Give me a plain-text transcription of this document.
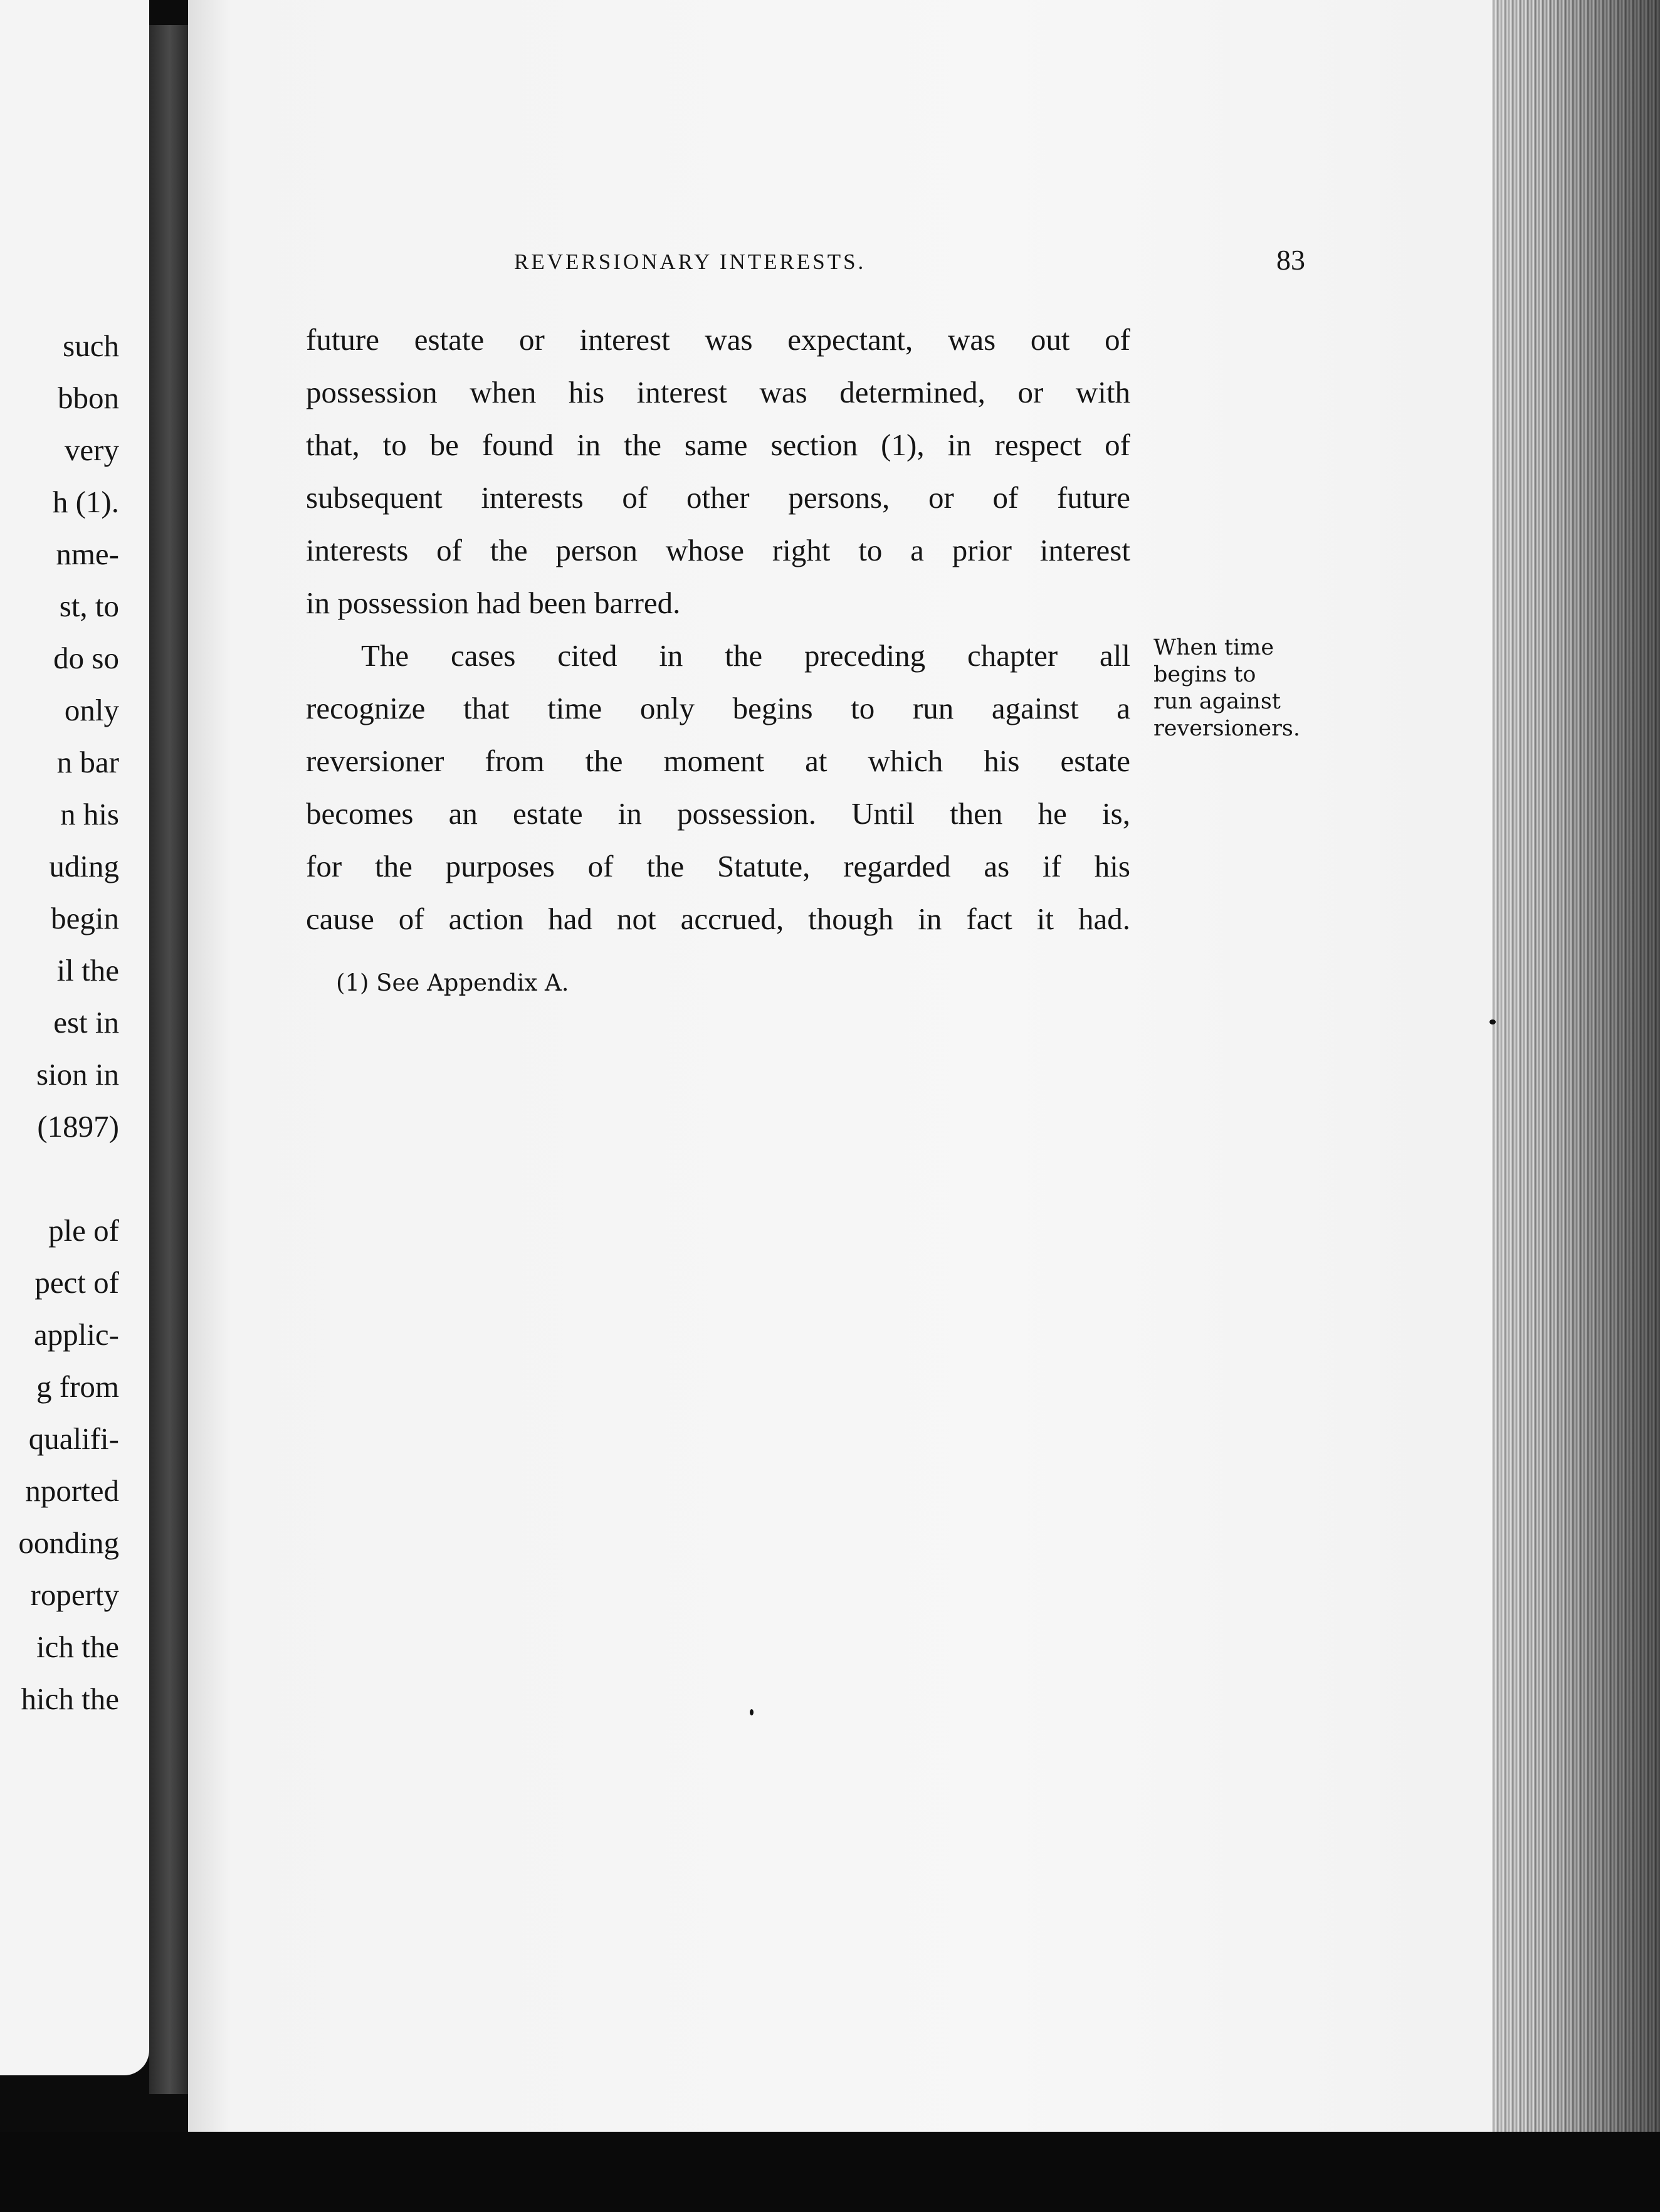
such
bbon
very
h (1).
nme-
st, to
do so
only
n bar
n his
uding
begin
il the
est in
sion in
(1897)
ple of
pect of
applic-
g from
qualifi-
nported
oonding
roperty
ich the
hich the
REVERSIONARY INTERESTS.	83
future estate or interest was expectant, was out of
possession when his interest was determined, or with
that, to be found in the same section (1), in respect of
subsequent interests of other persons, or of future
interests of the person whose right to a prior interest
in possession had been barred.
The cases cited in the preceding chapter all
recognize that time only begins to run against a
reversioner from the moment at which his estate
becomes an estate in possession. Until then he is,
for the purposes of the Statute, regarded as if his
cause of action had not accrued, though in fact it had.
When time
begins to
run against
reversioners.
(1) See Appendix A.
